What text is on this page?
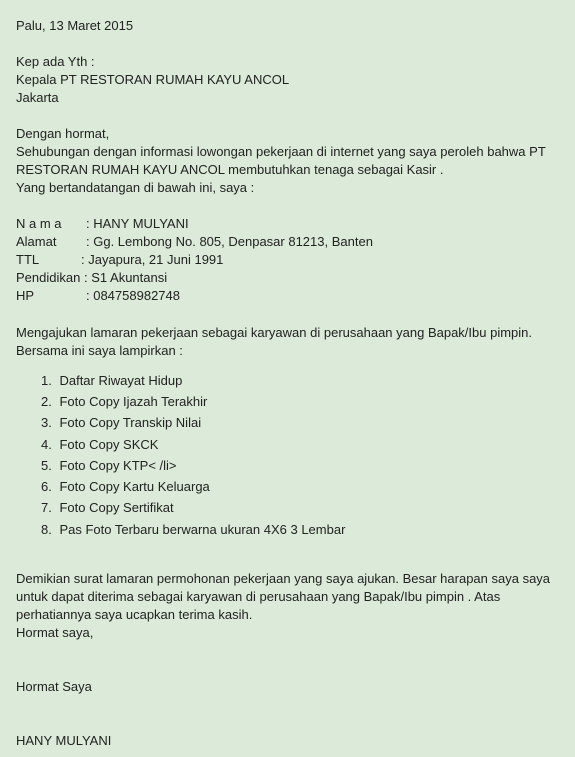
Palu, 13 Maret 2015
Kep ada Yth :
Kepala PT RESTORAN RUMAH KAYU ANCOL
Jakarta
Dengan hormat,
Sehubungan dengan informasi lowongan pekerjaan di internet yang saya peroleh bahwa PT
RESTORAN RUMAH KAYU ANCOL membutuhkan tenaga sebagai Kasir .
Yang bertandatangan di bawah ini, saya :
N a m a : HANY MULYANI
Alamat : Gg. Lembong No. 805, Denpasar 81213, Banten
TTL	: Jayapura, 21 Juni 1991
Pendidikan : S1 Akuntansi
HP	: 084758982748
Mengajukan lamaran pekerjaan sebagai karyawan di perusahaan yang Bapak/Ibu pimpin.
Bersama ini saya lampirkan :
1. Daftar Riwayat Hidup
2. Foto Copy Ijazah Terakhir
3. Foto Copy Transkip Nilai
4. Foto Copy SKCK
5. Foto Copy KTP< /li>
6. Foto Copy Kartu Keluarga
7. Foto Copy Sertifikat
8. Pas Foto Terbaru berwarna ukuran 4X6 3 Lembar
Demikian surat lamaran permohonan pekerjaan yang saya ajukan. Besar harapan saya saya
untuk dapat diterima sebagai karyawan di perusahaan yang Bapak/Ibu pimpin . Atas
perhatiannya saya ucapkan terima kasih.
Hormat saya,
Hormat Saya
HANY MULYANI
